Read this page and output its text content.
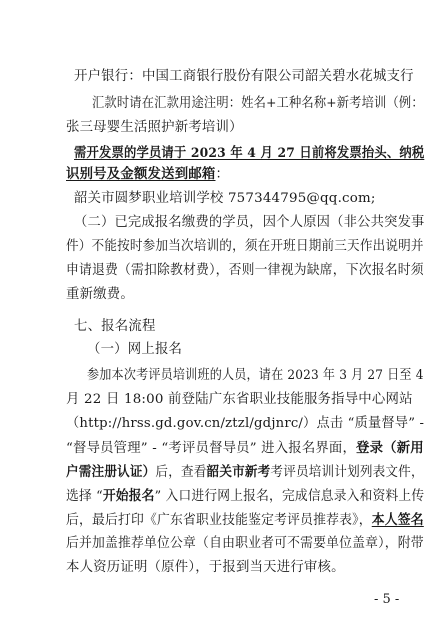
开户银行：中国工商银行股份有限公司韶关碧水花城支行
汇款时请在汇款用途注明：姓名+工种名称+新考培训（例：
张三母婴生活照护新考培训）
需开发票的学员请于 2023 年 4 月 27 日前将发票抬头、纳税
识别号及金额发送到邮箱：
韶关市圆梦职业培训学校 757344795@qq.com;
（二）已完成报名缴费的学员，因个人原因（非公共突发事
件）不能按时参加当次培训的，须在开班日期前三天作出说明并
申请退费（需扣除教材费），否则一律视为缺席，下次报名时须
重新缴费。
七、报名流程
（一）网上报名
参加本次考评员培训班的人员，请在 2023 年 3 月 27 日至 4
月 22 日 18:00 前登陆广东省职业技能服务指导中心网站
（http://hrss.gd.gov.cn/ztzl/gdjnrc/）点击 “质量督导” -
“督导员管理” - “考评员督导员” 进入报名界面，登录（新用
户需注册认证）后，查看韶关市新考考评员培训计划列表文件，
选择 “开始报名” 入口进行网上报名，完成信息录入和资料上传
后，最后打印《广东省职业技能鉴定考评员推荐表》，本人签名
后并加盖推荐单位公章（自由职业者可不需要单位盖章），附带
本人资历证明（原件），于报到当天进行审核。
- 5 -
